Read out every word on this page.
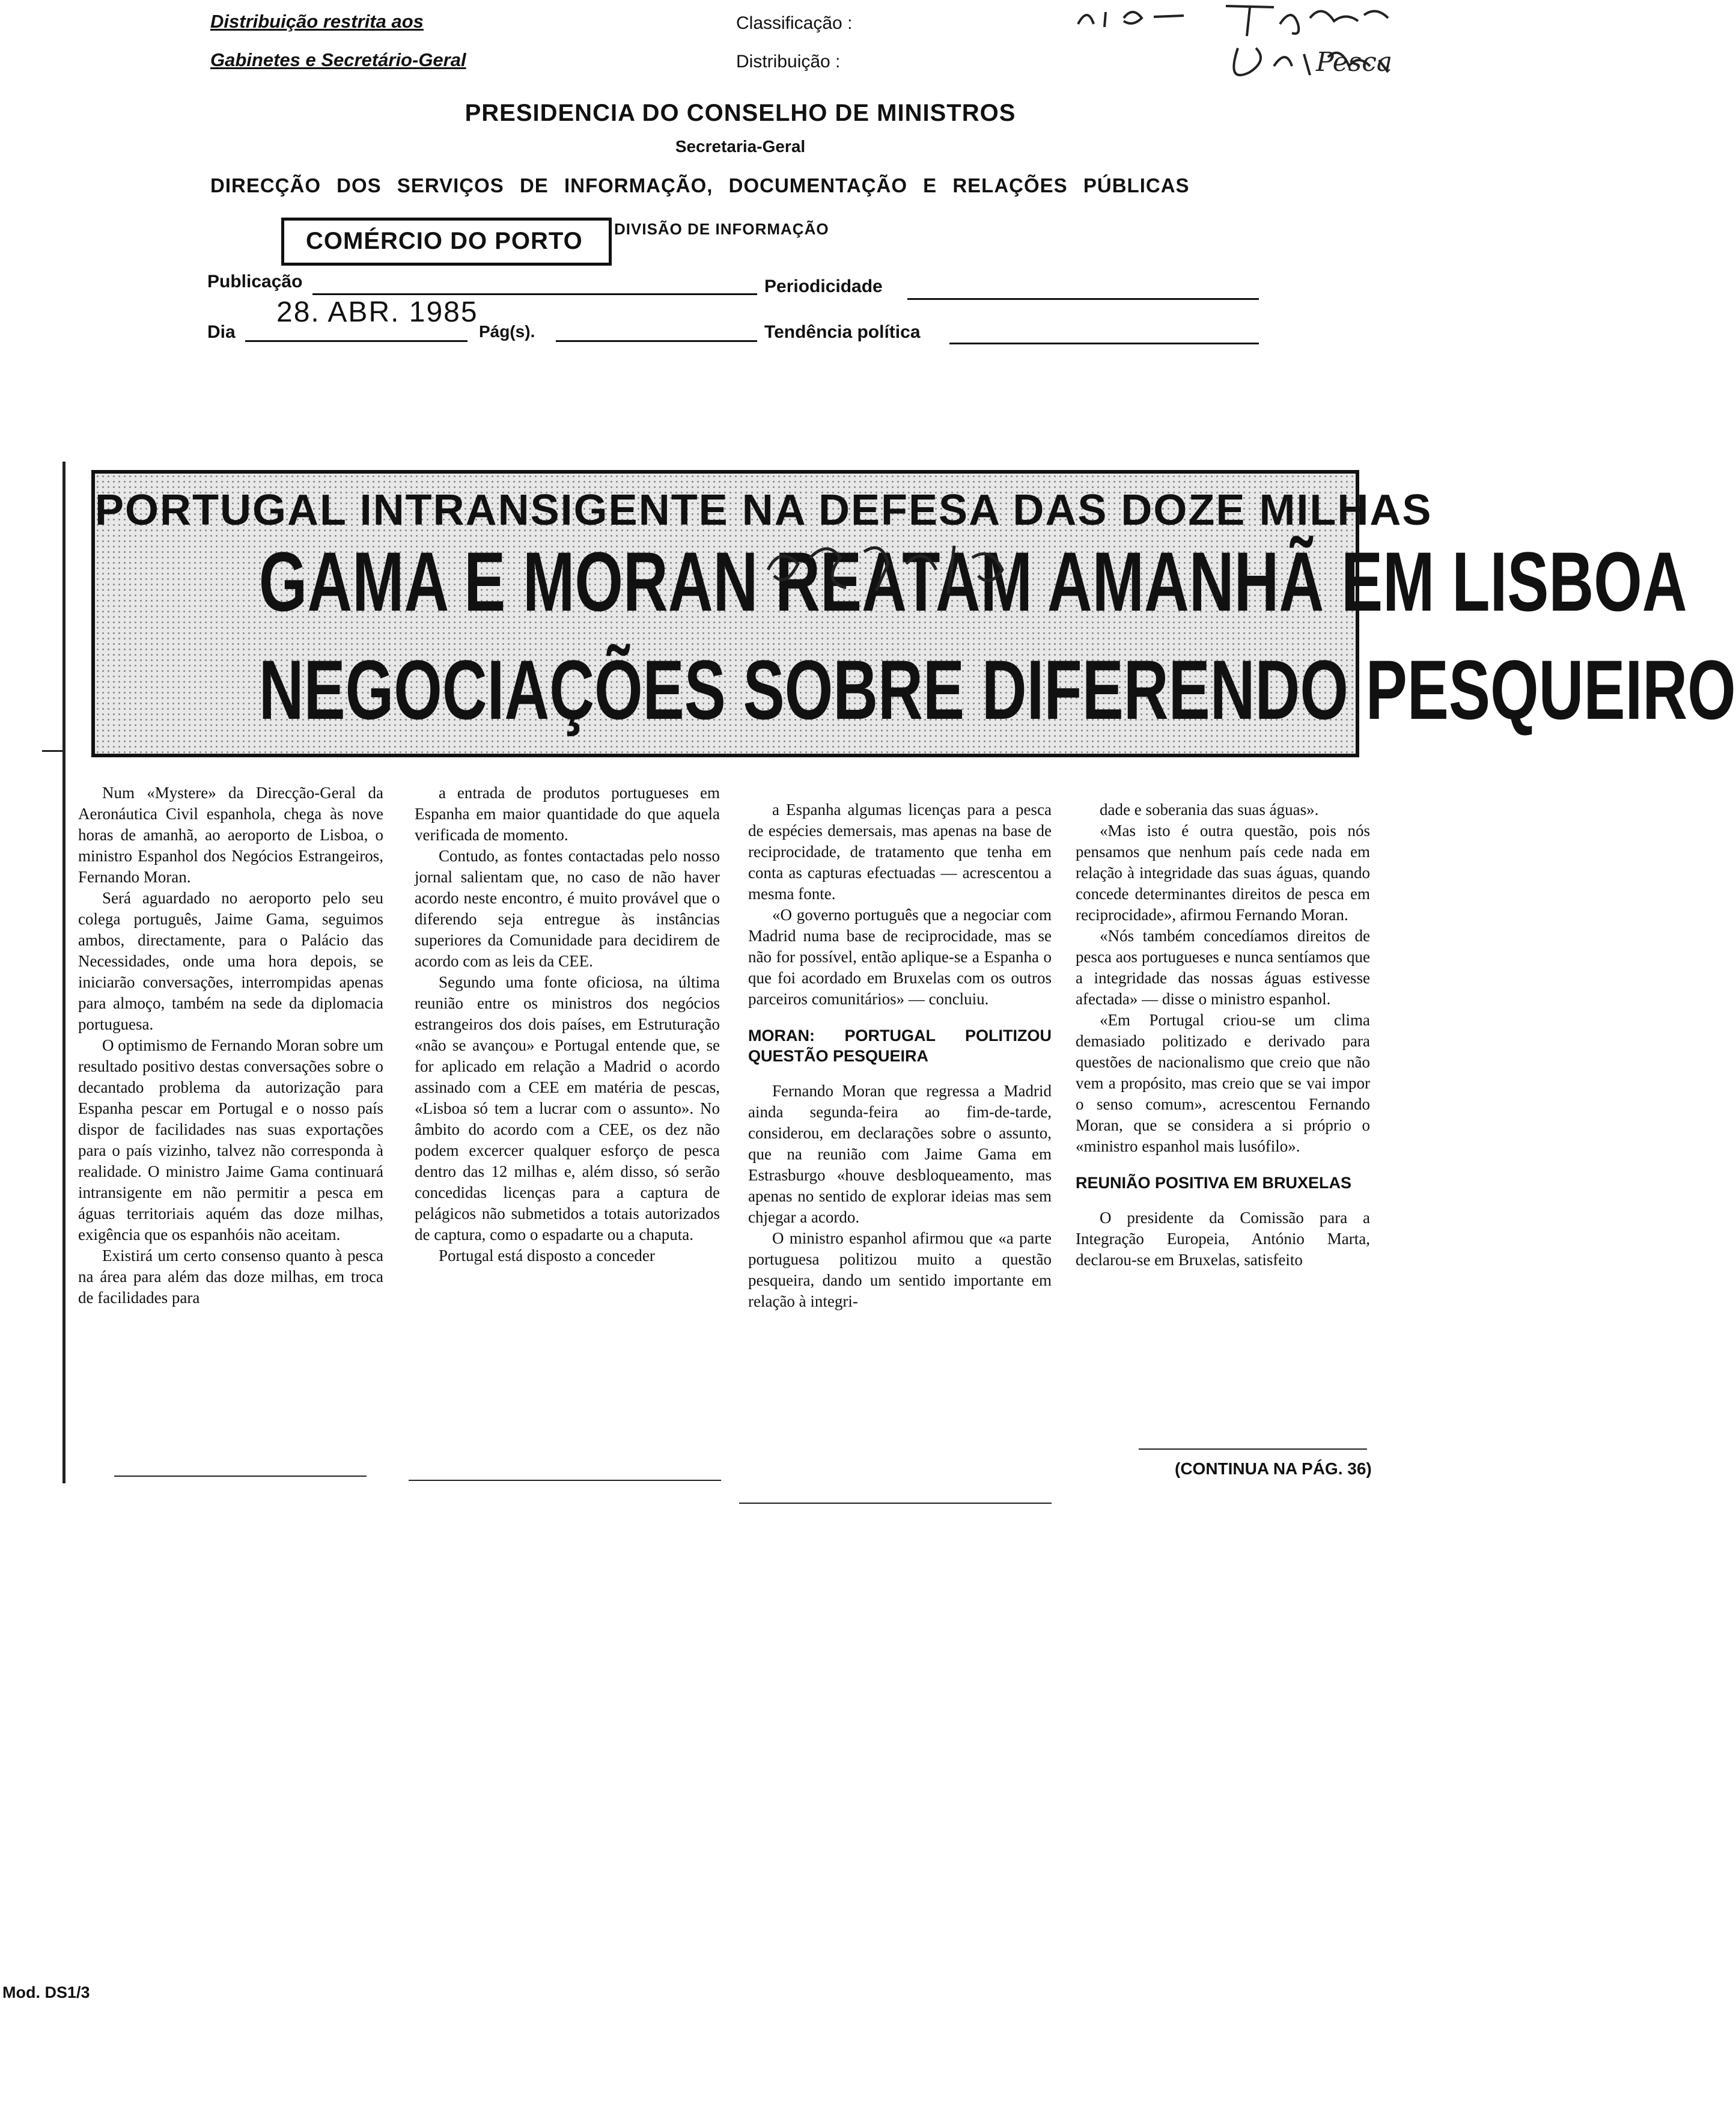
Distribuição restrita aos
Gabinetes e Secretário-Geral
Classificação :
Distribuição :	Pesca
PRESIDENCIA DO CONSELHO DE MINISTROS
Secretaria-Geral
DIRECÇÃO DOS SERVIÇOS DE INFORMAÇÃO, DOCUMENTAÇÃO E RELAÇÕES PÚBLICAS
COMÉRCIO DO PORTO	DIVISÃO DE INFORMAÇÃO
Publicação	Periodicidade
Dia
28. ABR. 1985
Pág(s).	Tendência política
PORTUGAL INTRANSIGENTE NA DEFESA DAS DOZE MILHAS
GAMA E MORAN REATAM AMANHÃ EM LISBOA
NEGOCIAÇÕES SOBRE DIFERENDO PESQUEIRO

Num «Mystere» da Direcção-Geral da Aeronáutica Civil espanhola, chega às nove horas de amanhã, ao aeroporto de Lisboa, o ministro Espanhol dos Negócios Estrangeiros, Fernando Moran.

Será aguardado no aeroporto pelo seu colega português, Jaime Gama, seguimos ambos, directamente, para o Palácio das Necessidades, onde uma hora depois, se iniciarão conversações, interrompidas apenas para almoço, também na sede da diplomacia portuguesa.

O optimismo de Fernando Moran sobre um resultado positivo destas conversações sobre o decantado problema da autorização para Espanha pescar em Portugal e o nosso país dispor de facilidades nas suas exportações para o país vizinho, talvez não corresponda à realidade. O ministro Jaime Gama continuará intransigente em não permitir a pesca em águas territoriais aquém das doze milhas, exigência que os espanhóis não aceitam.

Existirá um certo consenso quanto à pesca na área para além das doze milhas, em troca de facilidades para

a entrada de produtos portugueses em Espanha em maior quantidade do que aquela verificada de momento.

Contudo, as fontes contactadas pelo nosso jornal salientam que, no caso de não haver acordo neste encontro, é muito provável que o diferendo seja entregue às instâncias superiores da Comunidade para decidirem de acordo com as leis da CEE.

Segundo uma fonte oficiosa, na última reunião entre os ministros dos negócios estrangeiros dos dois países, em Estruturação «não se avançou» e Portugal entende que, se for aplicado em relação a Madrid o acordo assinado com a CEE em matéria de pescas, «Lisboa só tem a lucrar com o assunto». No âmbito do acordo com a CEE, os dez não podem excercer qualquer esforço de pesca dentro das 12 milhas e, além disso, só serão concedidas licenças para a captura de pelágicos não submetidos a totais autorizados de captura, como o espadarte ou a chaputa.

Portugal está disposto a conceder

a Espanha algumas licenças para a pesca de espécies demersais, mas apenas na base de reciprocidade, de tratamento que tenha em conta as capturas efectuadas — acrescentou a mesma fonte.

«O governo português que a negociar com Madrid numa base de reciprocidade, mas se não for possível, então aplique-se a Espanha o que foi acordado em Bruxelas com os outros parceiros comunitários» — concluiu.

MORAN: PORTUGAL POLITIZOU QUESTÃO PESQUEIRA

Fernando Moran que regressa a Madrid ainda segunda-feira ao fim-de-tarde, considerou, em declarações sobre o assunto, que na reunião com Jaime Gama em Estrasburgo «houve desbloqueamento, mas apenas no sentido de explorar ideias mas sem chjegar a acordo.

O ministro espanhol afirmou que «a parte portuguesa politizou muito a questão pesqueira, dando um sentido importante em relação à integri-

dade e soberania das suas águas».

«Mas isto é outra questão, pois nós pensamos que nenhum país cede nada em relação à integridade das suas águas, quando concede determinantes direitos de pesca em reciprocidade», afirmou Fernando Moran.

«Nós também concedíamos direitos de pesca aos portugueses e nunca sentíamos que a integridade das nossas águas estivesse afectada» — disse o ministro espanhol.

«Em Portugal criou-se um clima demasiado politizado e derivado para questões de nacionalismo que creio que não vem a propósito, mas creio que se vai impor o senso comum», acrescentou Fernando Moran, que se considera a si próprio o «ministro espanhol mais lusófilo».

REUNIÃO POSITIVA EM BRUXELAS

O presidente da Comissão para a Integração Europeia, António Marta, declarou-se em Bruxelas, satisfeito

(CONTINUA NA PÁG. 36)
Mod. DS1/3
